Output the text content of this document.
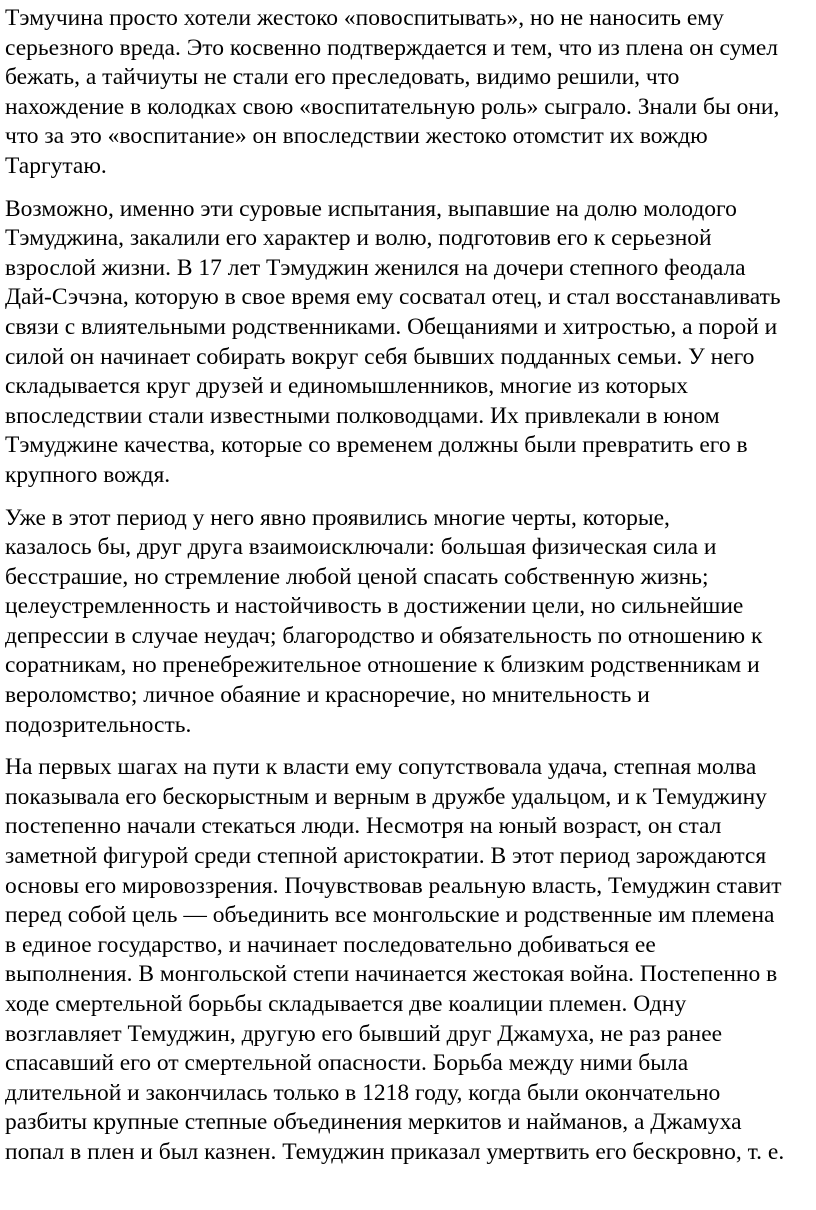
Тэмучина просто хотели жестоко «повоспитывать», но не наносить ему
серьезного вреда. Это косвенно подтверждается и тем, что из плена он сумел
бежать, а тайчиуты не стали его преследовать, видимо решили, что
нахождение в колодках свою «воспитательную роль» сыграло. Знали бы они,
что за это «воспитание» он впоследствии жестоко отомстит их вождю
Таргутаю.

Возможно, именно эти суровые испытания, выпавшие на долю молодого
Тэмуджина, закалили его характер и волю, подготовив его к серьезной
взрослой жизни. В 17 лет Тэмуджин женился на дочери степного феодала
Дай-Сэчэна, которую в свое время ему сосватал отец, и стал восстанавливать
связи с влиятельными родственниками. Обещаниями и хитростью, а порой и
силой он начинает собирать вокруг себя бывших подданных семьи. У него
складывается круг друзей и единомышленников, многие из которых
впоследствии стали известными полководцами. Их привлекали в юном
Тэмуджине качества, которые со временем должны были превратить его в
крупного вождя.

Уже в этот период у него явно проявились многие черты, которые,
казалось бы, друг друга взаимоисключали: большая физическая сила и
бесстрашие, но стремление любой ценой спасать собственную жизнь;
целеустремленность и настойчивость в достижении цели, но сильнейшие
депрессии в случае неудач; благородство и обязательность по отношению к
соратникам, но пренебрежительное отношение к близким родственникам и
вероломство; личное обаяние и красноречие, но мнительность и
подозрительность.

На первых шагах на пути к власти ему сопутствовала удача, степная молва
показывала его бескорыстным и верным в дружбе удальцом, и к Темуджину
постепенно начали стекаться люди. Несмотря на юный возраст, он стал
заметной фигурой среди степной аристократии. В этот период зарождаются
основы его мировоззрения. Почувствовав реальную власть, Темуджин ставит
перед собой цель — объединить все монгольские и родственные им племена
в единое государство, и начинает последовательно добиваться ее
выполнения. В монгольской степи начинается жестокая война. Постепенно в
ходе смертельной борьбы складывается две коалиции племен. Одну
возглавляет Темуджин, другую его бывший друг Джамуха, не раз ранее
спасавший его от смертельной опасности. Борьба между ними была
длительной и закончилась только в 1218 году, когда были окончательно
разбиты крупные степные объединения меркитов и найманов, а Джамуха
попал в плен и был казнен. Темуджин приказал умертвить его бескровно, т. е.
